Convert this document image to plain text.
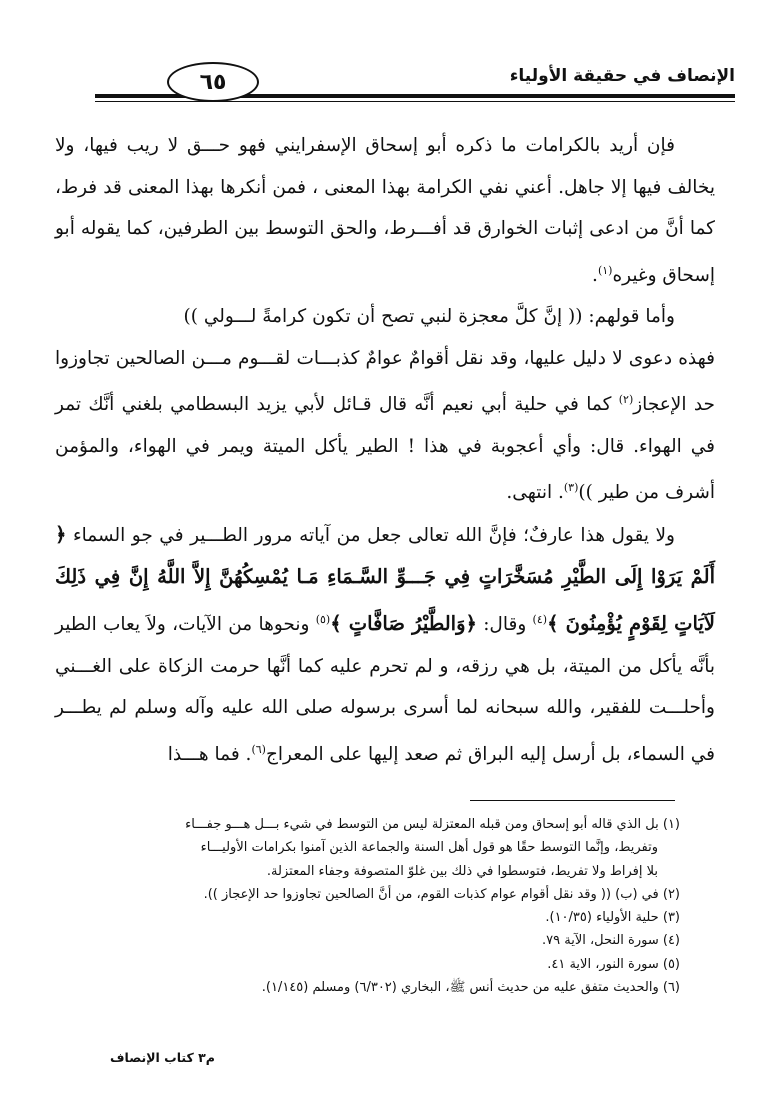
الإنصاف في حقيقة الأولياء
٦٥

فإن أريد بالكرامات ما ذكره أبو إسحاق الإسفرايني فهو حـــق لا ريب فيها، ولا يخالف فيها إلا جاهل. أعني نفي الكرامة بهذا المعنى ، فمن أنكرها بهذا المعنى قد فرط، كما أنَّ من ادعى إثبات الخوارق قد أفـــرط، والحق التوسط بين الطرفين، كما يقوله أبو إسحاق وغيره$^{(١)}$.

وأما قولهم: (( إنَّ كلَّ معجزة لنبي تصح أن تكون كرامةً لـــولي ))

فهذه دعوى لا دليل عليها، وقد نقل أقوامٌ عوامٌ كذبـــات لقـــوم مـــن الصالحين تجاوزوا حد الإعجاز$^{(٢)}$ كما في حلية أبي نعيم أنَّه قال قـائل لأبي يزيد البسطامي بلغني أنَّك تمر في الهواء. قال: وأي أعجوبة في هذا ! الطير يأكل الميتة ويمر في الهواء، والمؤمن أشرف من طير ))$^{(٣)}$. انتهى.

ولا يقول هذا عارفٌ؛ فإنَّ الله تعالى جعل من آياته مرور الطـــير في جو السماء ﴿ أَلَمْ يَرَوْا إِلَى الطَّيْرِ مُسَخَّرَاتٍ فِي جَـــوِّ السَّـمَاءِ مَـا يُمْسِكُهُنَّ إِلاَّ اللَّهُ إِنَّ فِي ذَلِكَ لَآيَاتٍ لِقَوْمٍ يُؤْمِنُونَ ﴾$^{(٤)}$ وقال: ﴿وَالطَّيْرُ صَافَّاتٍ ﴾$^{(٥)}$ ونحوها من الآيات، ولاَ يعاب الطير بأنَّه يأكل من الميتة، بل هي رزقه، و لم تحرم عليه كما أنَّها حرمت الزكاة على الغـــني وأحلـــت للفقير، والله سبحانه لما أسرى برسوله صلى الله عليه وآله وسلم لم يطـــر في السماء، بل أرسل إليه البراق ثم صعد إليها على المعراج$^{(٦)}$. فما هـــذا

(١) بل الذي قاله أبو إسحاق ومن قبله المعتزلة ليس من التوسط في شيء بـــل هـــو جفـــاء
وتفريط، وإنَّما التوسط حقًا هو قول أهل السنة والجماعة الذين آمنوا بكرامات الأوليـــاء
بلا إفراط ولا تفريط، فتوسطوا في ذلك بين غلوّ المتصوفة وجفاء المعتزلة.
(٢) في (ب) (( وقد نقل أقوام عوام كذبات القوم، من أنَّ الصالحين تجاوزوا حد الإعجاز )).
(٣) حلية الأولياء (١٠/٣٥).
(٤) سورة النحل، الآية ٧٩.
(٥) سورة النور، الاية ٤١.
(٦) والحديث متفق عليه من حديث أنس ﷺ، البخاري (٦/٣٠٢) ومسلم (١/١٤٥).
م٣ كتاب الإنصاف
